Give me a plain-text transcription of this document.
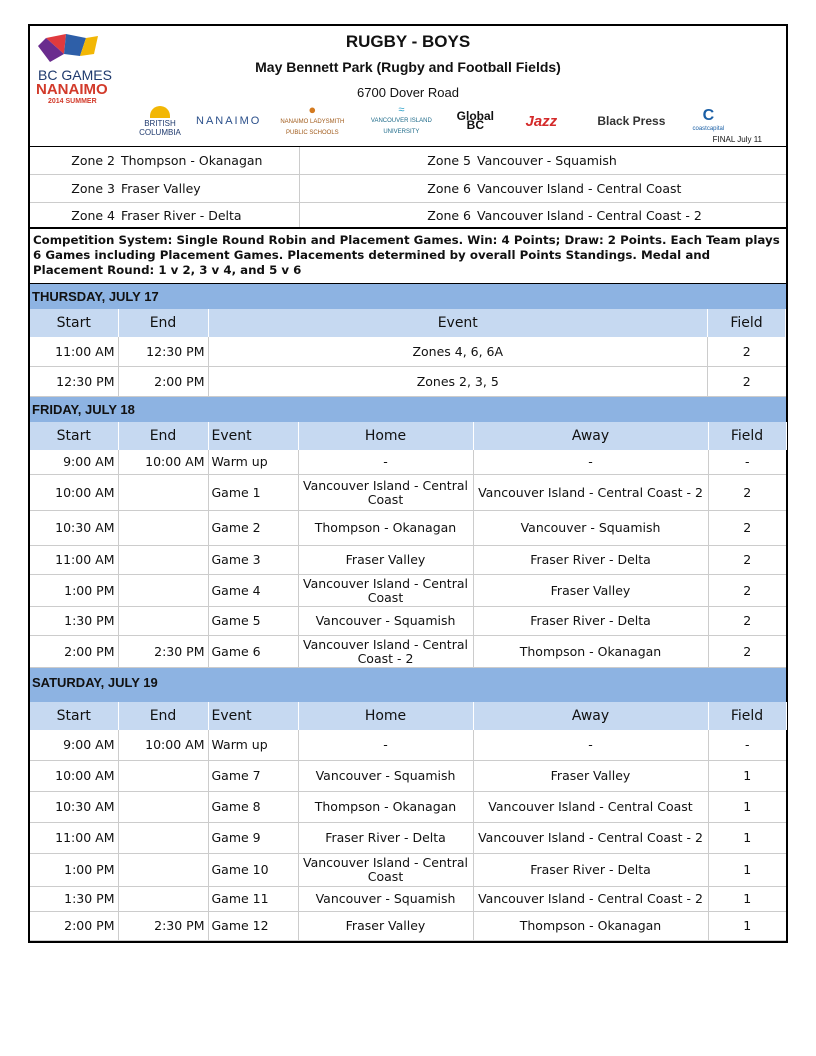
BC GAMES
NANAIMO
2014 SUMMER
RUGBY - BOYS
May Bennett Park (Rugby and Football Fields)
6700 Dover Road
BRITISH COLUMBIA
NANAIMO
●
NANAIMO LADYSMITH PUBLIC SCHOOLS
≈
VANCOUVER ISLAND UNIVERSITY
Global BC	Jazz	Black Press	C
coastcapital
FINAL July 11
Zone 2	Thompson - Okanagan	Zone 5	Vancouver - Squamish
Zone 3	Fraser Valley	Zone 6	Vancouver Island - Central Coast
Zone 4	Fraser River - Delta	Zone 6	Vancouver Island - Central Coast - 2
Competition System: Single Round Robin and Placement Games. Win: 4 Points; Draw: 2 Points. Each Team plays 6 Games including Placement Games. Placements determined by overall Points Standings. Medal and Placement Round: 1 v 2, 3 v 4, and 5 v 6
THURSDAY, JULY 17
Start	End	Event	Field
11:00 AM	12:30 PM	Zones 4, 6, 6A	2
12:30 PM	2:00 PM	Zones 2, 3, 5	2
FRIDAY, JULY 18
Start	End	Event	Home	Away	Field
9:00 AM	10:00 AM	Warm up	-	-	-
10:00 AM		Game 1	Vancouver Island - Central Coast	Vancouver Island - Central Coast - 2	2
10:30 AM		Game 2	Thompson - Okanagan	Vancouver - Squamish	2
11:00 AM		Game 3	Fraser Valley	Fraser River - Delta	2
1:00 PM		Game 4	Vancouver Island - Central Coast	Fraser Valley	2
1:30 PM		Game 5	Vancouver - Squamish	Fraser River - Delta	2
2:00 PM	2:30 PM	Game 6	Vancouver Island - Central Coast - 2	Thompson - Okanagan	2
SATURDAY, JULY 19
Start	End	Event	Home	Away	Field
9:00 AM	10:00 AM	Warm up	-	-	-
10:00 AM		Game 7	Vancouver - Squamish	Fraser Valley	1
10:30 AM		Game 8	Thompson - Okanagan	Vancouver Island - Central Coast	1
11:00 AM		Game 9	Fraser River - Delta	Vancouver Island - Central Coast - 2	1
1:00 PM		Game 10	Vancouver Island - Central Coast	Fraser River - Delta	1
1:30 PM		Game 11	Vancouver - Squamish	Vancouver Island - Central Coast - 2	1
2:00 PM	2:30 PM	Game 12	Fraser Valley	Thompson - Okanagan	1
